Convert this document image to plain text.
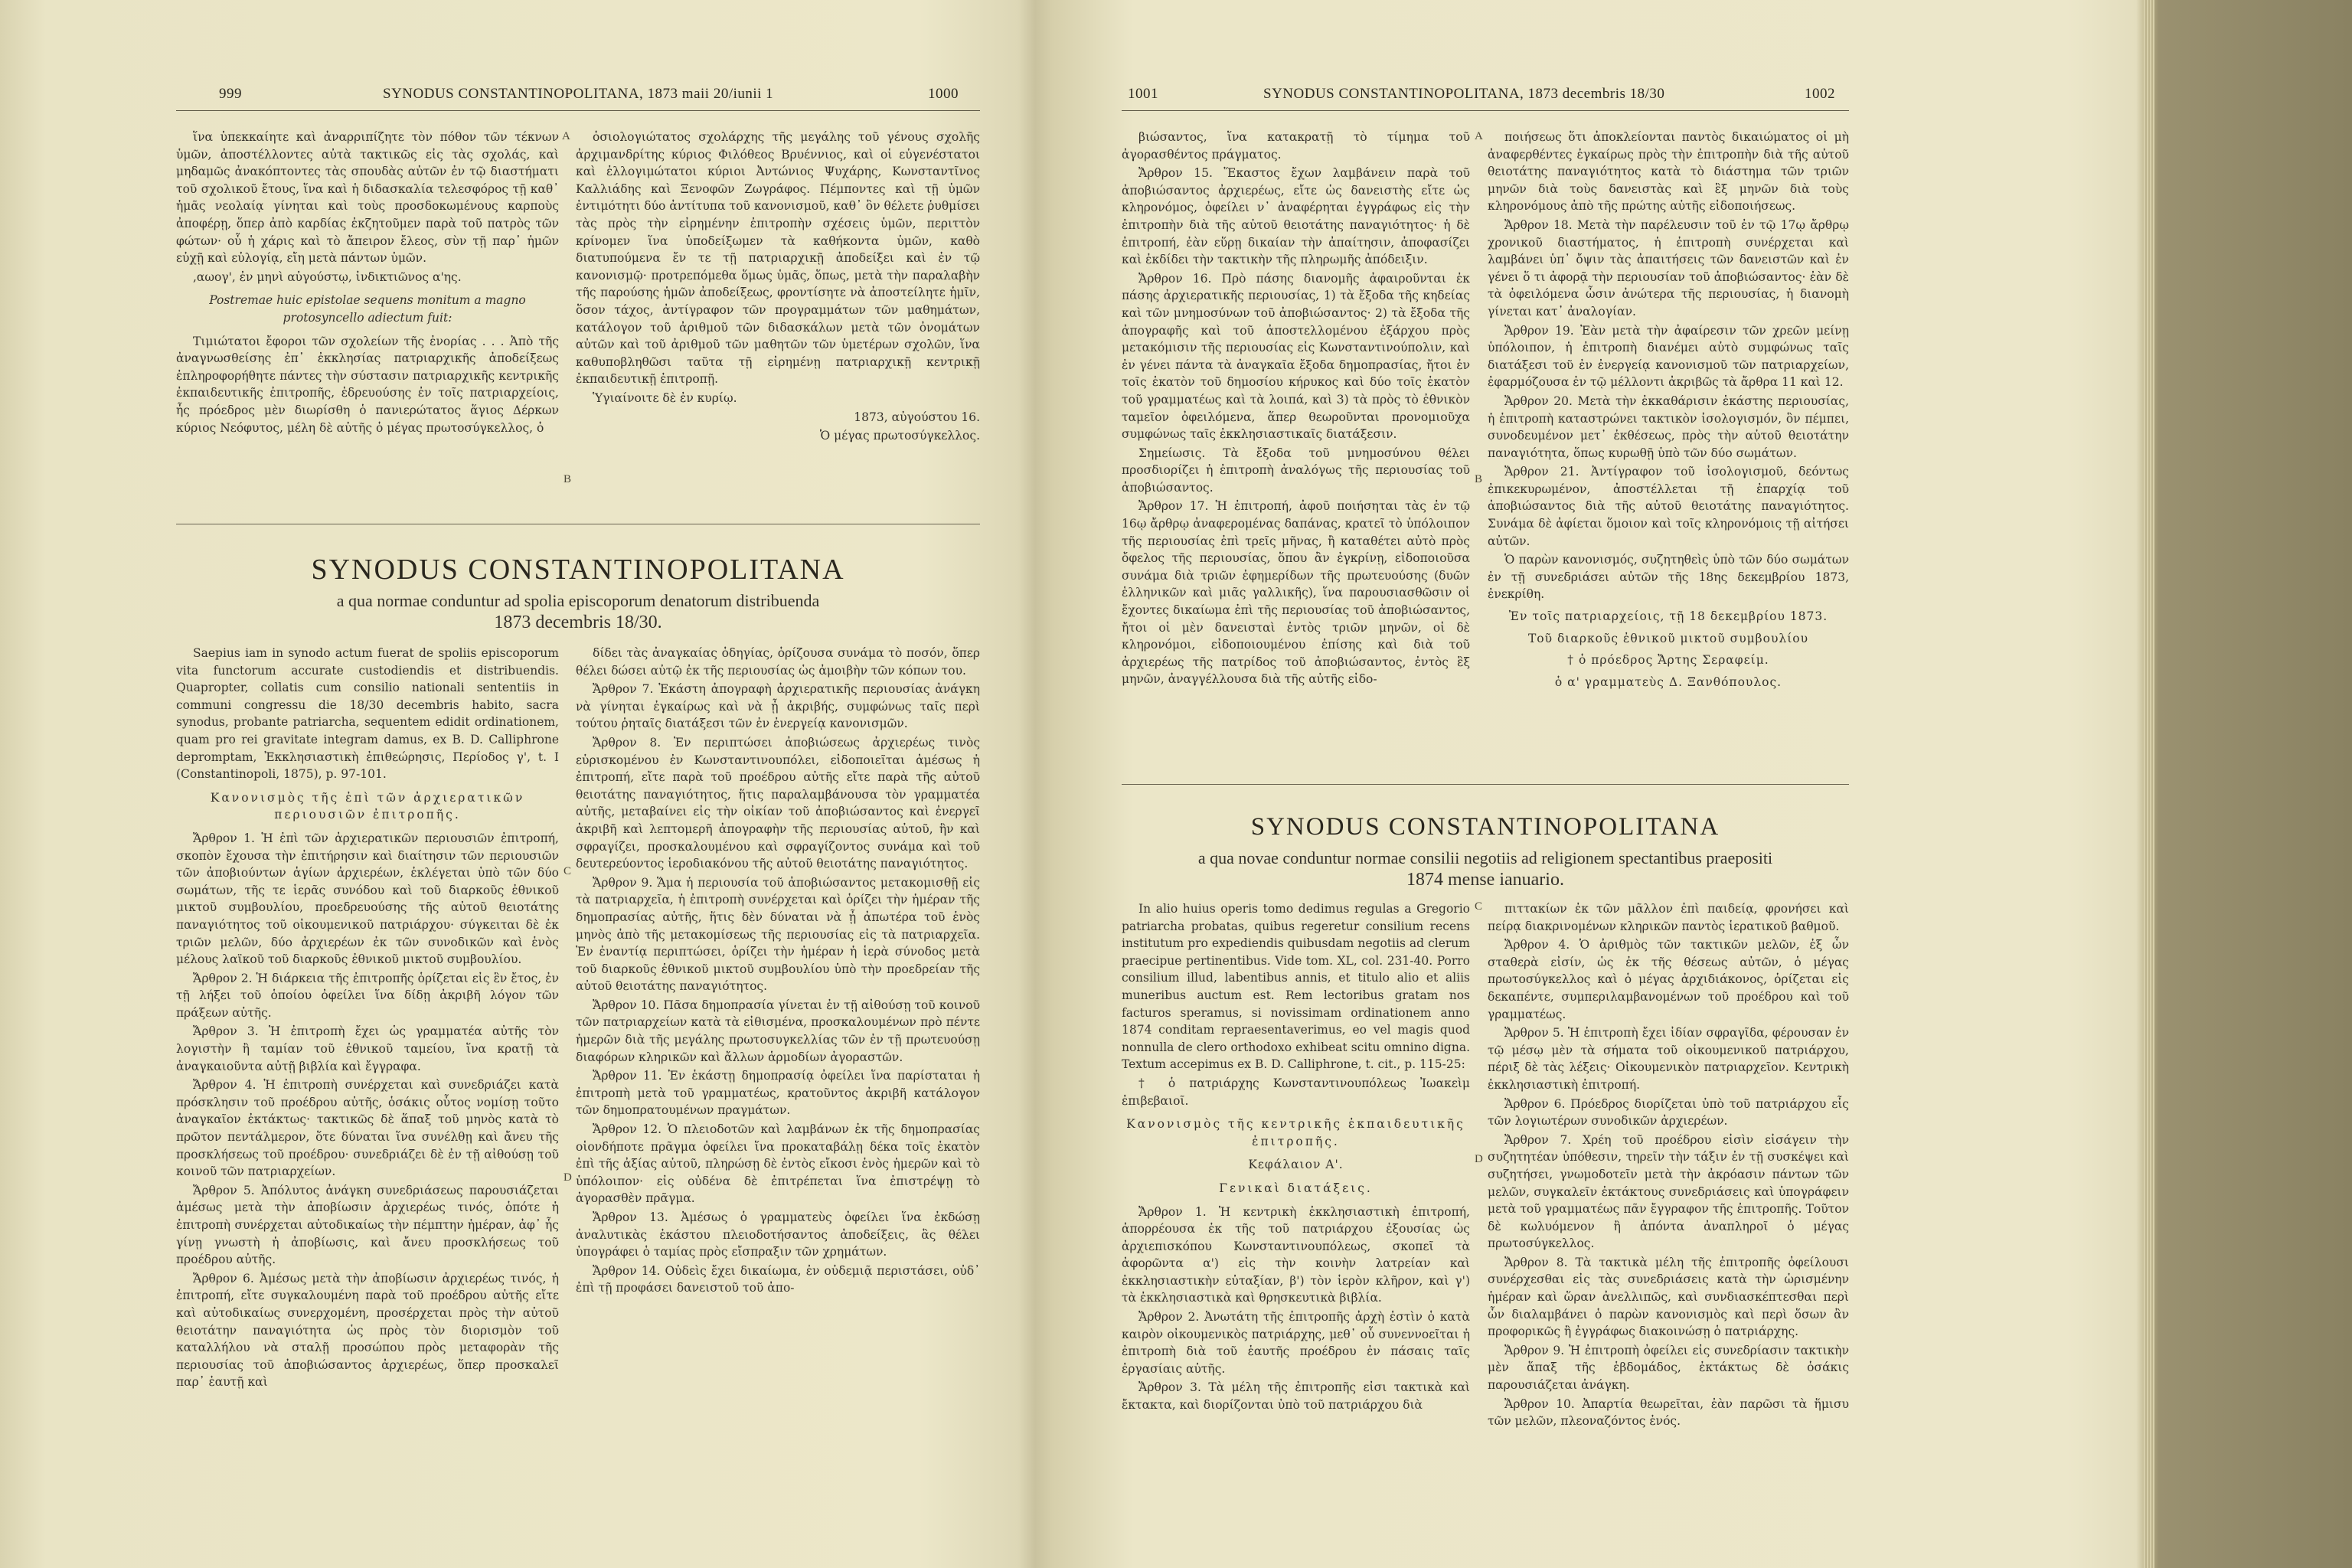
999	SYNODUS CONSTANTINOPOLITANA, 1873 maii 20/iunii 1	1000

ἵνα ὑπεκκαίητε καὶ ἀναρριπίζητε τὸν πόθον τῶν τέκνων ὑμῶν, ἀποστέλλοντες αὐτὰ τακτικῶς εἰς τὰς σχολάς, καὶ μηδαμῶς ἀνακόπτοντες τὰς σπουδὰς αὐτῶν ἐν τῷ διαστήματι τοῦ σχολικοῦ ἔτους, ἵνα καὶ ἡ διδασκαλία τελεσφόρος τῇ καθ᾽ ἡμᾶς νεολαίᾳ γίνηται καὶ τοὺς προσδοκωμένους καρποὺς ἀποφέρῃ, ὅπερ ἀπὸ καρδίας ἐκζητοῦμεν παρὰ τοῦ πατρὸς τῶν φώτων· οὗ ἡ χάρις καὶ τὸ ἄπειρον ἔλεος, σὺν τῇ παρ᾽ ἡμῶν εὐχῇ καὶ εὐλογίᾳ, εἴη μετὰ πάντων ὑμῶν.

,αωογ', ἐν μηνὶ αὐγούστῳ, ἰνδικτιῶνος α'ης.

Postremae huic epistolae sequens monitum a magno protosyncello adiectum fuit:

Τιμιώτατοι ἔφοροι τῶν σχολείων τῆς ἐνορίας . . . Ἀπὸ τῆς ἀναγνωσθείσης ἐπ᾽ ἐκκλησίας πατριαρχικῆς ἀποδείξεως ἐπληροφορήθητε πάντες τὴν σύστασιν πατριαρχικῆς κεντρικῆς ἐκπαιδευτικῆς ἐπιτροπῆς, ἑδρευούσης ἐν τοῖς πατριαρχείοις, ἧς πρόεδρος μὲν διωρίσθη ὁ πανιερώτατος ἅγιος Δέρκων κύριος Νεόφυτος, μέλη δὲ αὐτῆς ὁ μέγας πρωτοσύγκελλος, ὁ

ὁσιολογιώτατος σχολάρχης τῆς μεγάλης τοῦ γένους σχολῆς ἀρχιμανδρίτης κύριος Φιλόθεος Βρυέννιος, καὶ οἱ εὐγενέστατοι καὶ ἐλλογιμώτατοι κύριοι Ἀντώνιος Ψυχάρης, Κωνσταντῖνος Καλλιάδης καὶ Ξενοφῶν Ζωγράφος. Πέμποντες καὶ τῇ ὑμῶν ἐντιμότητι δύο ἀντίτυπα τοῦ κανονισμοῦ, καθ᾽ ὃν θέλετε ῥυθμίσει τὰς πρὸς τὴν εἰρημένην ἐπιτροπὴν σχέσεις ὑμῶν, περιττὸν κρίνομεν ἵνα ὑποδείξωμεν τὰ καθήκοντα ὑμῶν, καθὸ διατυπούμενα ἔν τε τῇ πατριαρχικῇ ἀποδείξει καὶ ἐν τῷ κανονισμῷ· προτρεπόμεθα ὅμως ὑμᾶς, ὅπως, μετὰ τὴν παραλαβὴν τῆς παρούσης ἡμῶν ἀποδείξεως, φροντίσητε νὰ ἀποστείλητε ἡμῖν, ὅσον τάχος, ἀντίγραφον τῶν προγραμμάτων τῶν μαθημάτων, κατάλογον τοῦ ἀριθμοῦ τῶν διδασκάλων μετὰ τῶν ὀνομάτων αὐτῶν καὶ τοῦ ἀριθμοῦ τῶν μαθητῶν τῶν ὑμετέρων σχολῶν, ἵνα καθυποβληθῶσι ταῦτα τῇ εἰρημένῃ πατριαρχικῇ κεντρικῇ ἐκπαιδευτικῇ ἐπιτροπῇ.

Ὑγιαίνοιτε δὲ ἐν κυρίῳ.

1873, αὐγούστου 16.

Ὁ μέγας πρωτοσύγκελλος.

A
B
SYNODUS CONSTANTINOPOLITANA
a qua normae conduntur ad spolia episcoporum denatorum distribuenda
1873 decembris 18/30.

Saepius iam in synodo actum fuerat de spoliis episcoporum vita functorum accurate custodiendis et distribuendis. Quapropter, collatis cum consilio nationali sententiis in communi congressu die 18/30 decembris habito, sacra synodus, probante patriarcha, sequentem edidit ordinationem, quam pro rei gravitate integram damus, ex B. D. Calliphrone depromptam, Ἐκκλησιαστικὴ ἐπιθεώρησις, Περίοδος γ', t. I (Constantinopoli, 1875), p. 97-101.

Κανονισμὸς τῆς ἐπὶ τῶν ἀρχιερατικῶν περιουσιῶν ἐπιτροπῆς.

Ἄρθρον 1. Ἡ ἐπὶ τῶν ἀρχιερατικῶν περιουσιῶν ἐπιτροπή, σκοπὸν ἔχουσα τὴν ἐπιτήρησιν καὶ διαίτησιν τῶν περιουσιῶν τῶν ἀποβιούντων ἁγίων ἀρχιερέων, ἐκλέγεται ὑπὸ τῶν δύο σωμάτων, τῆς τε ἱερᾶς συνόδου καὶ τοῦ διαρκοῦς ἐθνικοῦ μικτοῦ συμβουλίου, προεδρευούσης τῆς αὐτοῦ θειοτάτης παναγιότητος τοῦ οἰκουμενικοῦ πατριάρχου· σύγκειται δὲ ἐκ τριῶν μελῶν, δύο ἀρχιερέων ἐκ τῶν συνοδικῶν καὶ ἑνὸς μέλους λαϊκοῦ τοῦ διαρκοῦς ἐθνικοῦ μικτοῦ συμβουλίου.

Ἄρθρον 2. Ἡ διάρκεια τῆς ἐπιτροπῆς ὁρίζεται εἰς ἓν ἔτος, ἐν τῇ λήξει τοῦ ὁποίου ὀφείλει ἵνα δίδῃ ἀκριβῆ λόγον τῶν πράξεων αὐτῆς.

Ἄρθρον 3. Ἡ ἐπιτροπὴ ἔχει ὡς γραμματέα αὐτῆς τὸν λογιστὴν ἢ ταμίαν τοῦ ἐθνικοῦ ταμείου, ἵνα κρατῇ τὰ ἀναγκαιοῦντα αὐτῇ βιβλία καὶ ἔγγραφα.

Ἄρθρον 4. Ἡ ἐπιτροπὴ συνέρχεται καὶ συνεδριάζει κατὰ πρόσκλησιν τοῦ προέδρου αὐτῆς, ὁσάκις οὗτος νομίσῃ τοῦτο ἀναγκαῖον ἐκτάκτως· τακτικῶς δὲ ἅπαξ τοῦ μηνὸς κατὰ τὸ πρῶτον πεντάλμερον, ὅτε δύναται ἵνα συνέλθῃ καὶ ἄνευ τῆς προσκλήσεως τοῦ προέδρου· συνεδριάζει δὲ ἐν τῇ αἰθούσῃ τοῦ κοινοῦ τῶν πατριαρχείων.

Ἄρθρον 5. Ἀπόλυτος ἀνάγκη συνεδριάσεως παρουσιάζεται ἀμέσως μετὰ τὴν ἀποβίωσιν ἀρχιερέως τινός, ὁπότε ἡ ἐπιτροπὴ συνέρχεται αὐτοδικαίως τὴν πέμπτην ἡμέραν, ἀφ᾽ ἧς γίνῃ γνωστὴ ἡ ἀποβίωσις, καὶ ἄνευ προσκλήσεως τοῦ προέδρου αὐτῆς.

Ἄρθρον 6. Ἀμέσως μετὰ τὴν ἀποβίωσιν ἀρχιερέως τινός, ἡ ἐπιτροπή, εἴτε συγκαλουμένη παρὰ τοῦ προέδρου αὐτῆς εἴτε καὶ αὐτοδικαίως συνερχομένη, προσέρχεται πρὸς τὴν αὐτοῦ θειοτάτην παναγιότητα ὡς πρὸς τὸν διορισμὸν τοῦ καταλλήλου νὰ σταλῇ προσώπου πρὸς μεταφορὰν τῆς περιουσίας τοῦ ἀποβιώσαντος ἀρχιερέως, ὅπερ προσκαλεῖ παρ᾽ ἑαυτῇ καὶ

δίδει τὰς ἀναγκαίας ὁδηγίας, ὁρίζουσα συνάμα τὸ ποσόν, ὅπερ θέλει δώσει αὐτῷ ἐκ τῆς περιουσίας ὡς ἀμοιβὴν τῶν κόπων του.

Ἄρθρον 7. Ἑκάστη ἀπογραφὴ ἀρχιερατικῆς περιουσίας ἀνάγκη νὰ γίνηται ἐγκαίρως καὶ νὰ ᾖ ἀκριβής, συμφώνως ταῖς περὶ τούτου ῥηταῖς διατάξεσι τῶν ἐν ἐνεργείᾳ κανονισμῶν.

Ἄρθρον 8. Ἐν περιπτώσει ἀποβιώσεως ἀρχιερέως τινὸς εὑρισκομένου ἐν Κωνσταντινουπόλει, εἰδοποιεῖται ἀμέσως ἡ ἐπιτροπή, εἴτε παρὰ τοῦ προέδρου αὐτῆς εἴτε παρὰ τῆς αὐτοῦ θειοτάτης παναγιότητος, ἥτις παραλαμβάνουσα τὸν γραμματέα αὐτῆς, μεταβαίνει εἰς τὴν οἰκίαν τοῦ ἀποβιώσαντος καὶ ἐνεργεῖ ἀκριβῆ καὶ λεπτομερῆ ἀπογραφὴν τῆς περιουσίας αὐτοῦ, ἣν καὶ σφραγίζει, προσκαλουμένου καὶ σφραγίζοντος συνάμα καὶ τοῦ δευτερεύοντος ἱεροδιακόνου τῆς αὐτοῦ θειοτάτης παναγιότητος.

Ἄρθρον 9. Ἅμα ἡ περιουσία τοῦ ἀποβιώσαντος μετακομισθῇ εἰς τὰ πατριαρχεῖα, ἡ ἐπιτροπὴ συνέρχεται καὶ ὁρίζει τὴν ἡμέραν τῆς δημοπρασίας αὐτῆς, ἥτις δὲν δύναται νὰ ᾖ ἀπωτέρα τοῦ ἑνὸς μηνὸς ἀπὸ τῆς μετακομίσεως τῆς περιουσίας εἰς τὰ πατριαρχεῖα. Ἐν ἐναντίᾳ περιπτώσει, ὁρίζει τὴν ἡμέραν ἡ ἱερὰ σύνοδος μετὰ τοῦ διαρκοῦς ἐθνικοῦ μικτοῦ συμβουλίου ὑπὸ τὴν προεδρείαν τῆς αὐτοῦ θειοτάτης παναγιότητος.

Ἄρθρον 10. Πᾶσα δημοπρασία γίνεται ἐν τῇ αἰθούσῃ τοῦ κοινοῦ τῶν πατριαρχείων κατὰ τὰ εἰθισμένα, προσκαλουμένων πρὸ πέντε ἡμερῶν διὰ τῆς μεγάλης πρωτοσυγκελλίας τῶν ἐν τῇ πρωτευούσῃ διαφόρων κληρικῶν καὶ ἄλλων ἁρμοδίων ἀγοραστῶν.

Ἄρθρον 11. Ἐν ἑκάστῃ δημοπρασίᾳ ὀφείλει ἵνα παρίσταται ἡ ἐπιτροπὴ μετὰ τοῦ γραμματέως, κρατοῦντος ἀκριβῆ κατάλογον τῶν δημοπρατουμένων πραγμάτων.

Ἄρθρον 12. Ὁ πλειοδοτῶν καὶ λαμβάνων ἐκ τῆς δημοπρασίας οἱονδήποτε πρᾶγμα ὀφείλει ἵνα προκαταβάλῃ δέκα τοῖς ἑκατὸν ἐπὶ τῆς ἀξίας αὐτοῦ, πληρώσῃ δὲ ἐντὸς εἴκοσι ἑνὸς ἡμερῶν καὶ τὸ ὑπόλοιπον· εἰς οὐδένα δὲ ἐπιτρέπεται ἵνα ἐπιστρέψῃ τὸ ἀγορασθὲν πρᾶγμα.

Ἄρθρον 13. Ἀμέσως ὁ γραμματεὺς ὀφείλει ἵνα ἐκδώσῃ ἀναλυτικὰς ἑκάστου πλειοδοτήσαντος ἀποδείξεις, ἃς θέλει ὑπογράφει ὁ ταμίας πρὸς εἴσπραξιν τῶν χρημάτων.

Ἄρθρον 14. Οὐδεὶς ἔχει δικαίωμα, ἐν οὐδεμιᾷ περιστάσει, οὐδ᾽ ἐπὶ τῇ προφάσει δανειστοῦ τοῦ ἀπο-

C
D
1001	SYNODUS CONSTANTINOPOLITANA, 1873 decembris 18/30	1002

βιώσαντος, ἵνα κατακρατῇ τὸ τίμημα τοῦ ἀγορασθέντος πράγματος.

Ἄρθρον 15. Ἕκαστος ἔχων λαμβάνειν παρὰ τοῦ ἀποβιώσαντος ἀρχιερέως, εἴτε ὡς δανειστὴς εἴτε ὡς κληρονόμος, ὀφείλει ν᾽ ἀναφέρηται ἐγγράφως εἰς τὴν ἐπιτροπὴν διὰ τῆς αὐτοῦ θειοτάτης παναγιότητος· ἡ δὲ ἐπιτροπή, ἐὰν εὕρῃ δικαίαν τὴν ἀπαίτησιν, ἀποφασίζει καὶ ἐκδίδει τὴν τακτικὴν τῆς πληρωμῆς ἀπόδειξιν.

Ἄρθρον 16. Πρὸ πάσης διανομῆς ἀφαιροῦνται ἐκ πάσης ἀρχιερατικῆς περιουσίας, 1) τὰ ἔξοδα τῆς κηδείας καὶ τῶν μνημοσύνων τοῦ ἀποβιώσαντος· 2) τὰ ἔξοδα τῆς ἀπογραφῆς καὶ τοῦ ἀποστελλομένου ἐξάρχου πρὸς μετακόμισιν τῆς περιουσίας εἰς Κωνσταντινούπολιν, καὶ ἐν γένει πάντα τὰ ἀναγκαῖα ἔξοδα δημοπρασίας, ἤτοι ἐν τοῖς ἑκατὸν τοῦ δημοσίου κήρυκος καὶ δύο τοῖς ἑκατὸν τοῦ γραμματέως καὶ τὰ λοιπά, καὶ 3) τὰ πρὸς τὸ ἐθνικὸν ταμεῖον ὀφειλόμενα, ἅπερ θεωροῦνται προνομιοῦχα συμφώνως ταῖς ἐκκλησιαστικαῖς διατάξεσιν.

Σημείωσις. Τὰ ἔξοδα τοῦ μνημοσύνου θέλει προσδιορίζει ἡ ἐπιτροπὴ ἀναλόγως τῆς περιουσίας τοῦ ἀποβιώσαντος.

Ἄρθρον 17. Ἡ ἐπιτροπή, ἀφοῦ ποιήσηται τὰς ἐν τῷ 16ῳ ἄρθρῳ ἀναφερομένας δαπάνας, κρατεῖ τὸ ὑπόλοιπον τῆς περιουσίας ἐπὶ τρεῖς μῆνας, ἢ καταθέτει αὐτὸ πρὸς ὄφελος τῆς περιουσίας, ὅπου ἂν ἐγκρίνῃ, εἰδοποιοῦσα συνάμα διὰ τριῶν ἐφημερίδων τῆς πρωτευούσης (δυῶν ἑλληνικῶν καὶ μιᾶς γαλλικῆς), ἵνα παρουσιασθῶσιν οἱ ἔχοντες δικαίωμα ἐπὶ τῆς περιουσίας τοῦ ἀποβιώσαντος, ἤτοι οἱ μὲν δανεισταὶ ἐντὸς τριῶν μηνῶν, οἱ δὲ κληρονόμοι, εἰδοποιουμένου ἐπίσης καὶ διὰ τοῦ ἀρχιερέως τῆς πατρίδος τοῦ ἀποβιώσαντος, ἐντὸς ἓξ μηνῶν, ἀναγγέλλουσα διὰ τῆς αὐτῆς εἰδο-

ποιήσεως ὅτι ἀποκλείονται παντὸς δικαιώματος οἱ μὴ ἀναφερθέντες ἐγκαίρως πρὸς τὴν ἐπιτροπὴν διὰ τῆς αὐτοῦ θειοτάτης παναγιότητος κατὰ τὸ διάστημα τῶν τριῶν μηνῶν διὰ τοὺς δανειστὰς καὶ ἓξ μηνῶν διὰ τοὺς κληρονόμους ἀπὸ τῆς πρώτης αὐτῆς εἰδοποιήσεως.

Ἄρθρον 18. Μετὰ τὴν παρέλευσιν τοῦ ἐν τῷ 17ῳ ἄρθρῳ χρονικοῦ διαστήματος, ἡ ἐπιτροπὴ συνέρχεται καὶ λαμβάνει ὑπ᾽ ὄψιν τὰς ἀπαιτήσεις τῶν δανειστῶν καὶ ἐν γένει ὅ τι ἀφορᾷ τὴν περιουσίαν τοῦ ἀποβιώσαντος· ἐὰν δὲ τὰ ὀφειλόμενα ὦσιν ἀνώτερα τῆς περιουσίας, ἡ διανομὴ γίνεται κατ᾽ ἀναλογίαν.

Ἄρθρον 19. Ἐὰν μετὰ τὴν ἀφαίρεσιν τῶν χρεῶν μείνῃ ὑπόλοιπον, ἡ ἐπιτροπὴ διανέμει αὐτὸ συμφώνως ταῖς διατάξεσι τοῦ ἐν ἐνεργείᾳ κανονισμοῦ τῶν πατριαρχείων, ἐφαρμόζουσα ἐν τῷ μέλλοντι ἀκριβῶς τὰ ἄρθρα 11 καὶ 12.

Ἄρθρον 20. Μετὰ τὴν ἐκκαθάρισιν ἑκάστης περιουσίας, ἡ ἐπιτροπὴ καταστρώνει τακτικὸν ἰσολογισμόν, ὃν πέμπει, συνοδευμένον μετ᾽ ἐκθέσεως, πρὸς τὴν αὐτοῦ θειοτάτην παναγιότητα, ὅπως κυρωθῇ ὑπὸ τῶν δύο σωμάτων.

Ἄρθρον 21. Ἀντίγραφον τοῦ ἰσολογισμοῦ, δεόντως ἐπικεκυρωμένον, ἀποστέλλεται τῇ ἐπαρχίᾳ τοῦ ἀποβιώσαντος διὰ τῆς αὐτοῦ θειοτάτης παναγιότητος. Συνάμα δὲ ἀφίεται ὅμοιον καὶ τοῖς κληρονόμοις τῇ αἰτήσει αὐτῶν.

Ὁ παρὼν κανονισμός, συζητηθεὶς ὑπὸ τῶν δύο σωμάτων ἐν τῇ συνεδριάσει αὐτῶν τῆς 18ης δεκεμβρίου 1873, ἐνεκρίθη.

Ἐν τοῖς πατριαρχείοις, τῇ 18 δεκεμβρίου 1873.

Τοῦ διαρκοῦς ἐθνικοῦ μικτοῦ συμβουλίου

† ὁ πρόεδρος Ἄρτης Σεραφείμ.

ὁ α' γραμματεὺς Δ. Ξανθόπουλος.

A
B
SYNODUS CONSTANTINOPOLITANA
a qua novae conduntur normae consilii negotiis ad religionem spectantibus praepositi
1874 mense ianuario.

In alio huius operis tomo dedimus regulas a Gregorio patriarcha probatas, quibus regeretur consilium recens institutum pro expediendis quibusdam negotiis ad clerum praecipue pertinentibus. Vide tom. XL, col. 231-40. Porro consilium illud, labentibus annis, et titulo alio et aliis muneribus auctum est. Rem lectoribus gratam nos facturos speramus, si novissimam ordinationem anno 1874 conditam repraesentaverimus, eo vel magis quod nonnulla de clero orthodoxo exhibeat scitu omnino digna. Textum accepimus ex B. D. Calliphrone, t. cit., p. 115-25:

† ὁ πατριάρχης Κωνσταντινουπόλεως Ἰωακεὶμ ἐπιβεβαιοῖ.

Κανονισμὸς τῆς κεντρικῆς ἐκπαιδευτικῆς ἐπιτροπῆς.

Κεφάλαιον Α'.

Γενικαὶ διατάξεις.

Ἄρθρον 1. Ἡ κεντρικὴ ἐκκλησιαστικὴ ἐπιτροπή, ἀπορρέουσα ἐκ τῆς τοῦ πατριάρχου ἐξουσίας ὡς ἀρχιεπισκόπου Κωνσταντινουπόλεως, σκοπεῖ τὰ ἀφορῶντα α') εἰς τὴν κοινὴν λατρείαν καὶ ἐκκλησιαστικὴν εὐταξίαν, β') τὸν ἱερὸν κλῆρον, καὶ γ') τὰ ἐκκλησιαστικὰ καὶ θρησκευτικὰ βιβλία.

Ἄρθρον 2. Ἀνωτάτη τῆς ἐπιτροπῆς ἀρχὴ ἐστὶν ὁ κατὰ καιρὸν οἰκουμενικὸς πατριάρχης, μεθ᾽ οὗ συνεννοεῖται ἡ ἐπιτροπὴ διὰ τοῦ ἑαυτῆς προέδρου ἐν πάσαις ταῖς ἐργασίαις αὐτῆς.

Ἄρθρον 3. Τὰ μέλη τῆς ἐπιτροπῆς εἰσι τακτικὰ καὶ ἔκτακτα, καὶ διορίζονται ὑπὸ τοῦ πατριάρχου διὰ

πιττακίων ἐκ τῶν μᾶλλον ἐπὶ παιδείᾳ, φρονήσει καὶ πείρᾳ διακρινομένων κληρικῶν παντὸς ἱερατικοῦ βαθμοῦ.

Ἄρθρον 4. Ὁ ἀριθμὸς τῶν τακτικῶν μελῶν, ἐξ ὧν σταθερὰ εἰσίν, ὡς ἐκ τῆς θέσεως αὐτῶν, ὁ μέγας πρωτοσύγκελλος καὶ ὁ μέγας ἀρχιδιάκονος, ὁρίζεται εἰς δεκαπέντε, συμπεριλαμβανομένων τοῦ προέδρου καὶ τοῦ γραμματέως.

Ἄρθρον 5. Ἡ ἐπιτροπὴ ἔχει ἰδίαν σφραγῖδα, φέρουσαν ἐν τῷ μέσῳ μὲν τὰ σήματα τοῦ οἰκουμενικοῦ πατριάρχου, πέριξ δὲ τὰς λέξεις· Οἰκουμενικὸν πατριαρχεῖον. Κεντρικὴ ἐκκλησιαστικὴ ἐπιτροπή.

Ἄρθρον 6. Πρόεδρος διορίζεται ὑπὸ τοῦ πατριάρχου εἷς τῶν λογιωτέρων συνοδικῶν ἀρχιερέων.

Ἄρθρον 7. Χρέη τοῦ προέδρου εἰσὶν εἰσάγειν τὴν συζητητέαν ὑπόθεσιν, τηρεῖν τὴν τάξιν ἐν τῇ συσκέψει καὶ συζητήσει, γνωμοδοτεῖν μετὰ τὴν ἀκρόασιν πάντων τῶν μελῶν, συγκαλεῖν ἐκτάκτους συνεδριάσεις καὶ ὑπογράφειν μετὰ τοῦ γραμματέως πᾶν ἔγγραφον τῆς ἐπιτροπῆς. Τοῦτον δὲ κωλυόμενον ἢ ἀπόντα ἀναπληροῖ ὁ μέγας πρωτοσύγκελλος.

Ἄρθρον 8. Τὰ τακτικὰ μέλη τῆς ἐπιτροπῆς ὀφείλουσι συνέρχεσθαι εἰς τὰς συνεδριάσεις κατὰ τὴν ὡρισμένην ἡμέραν καὶ ὥραν ἀνελλιπῶς, καὶ συνδιασκέπτεσθαι περὶ ὧν διαλαμβάνει ὁ παρὼν κανονισμὸς καὶ περὶ ὅσων ἂν προφορικῶς ἢ ἐγγράφως διακοινώσῃ ὁ πατριάρχης.

Ἄρθρον 9. Ἡ ἐπιτροπὴ ὀφείλει εἰς συνεδρίασιν τακτικὴν μὲν ἅπαξ τῆς ἑβδομάδος, ἐκτάκτως δὲ ὁσάκις παρουσιάζεται ἀνάγκη.

Ἄρθρον 10. Ἀπαρτία θεωρεῖται, ἐὰν παρῶσι τὰ ἥμισυ τῶν μελῶν, πλεοναζόντος ἑνός.

C
D
